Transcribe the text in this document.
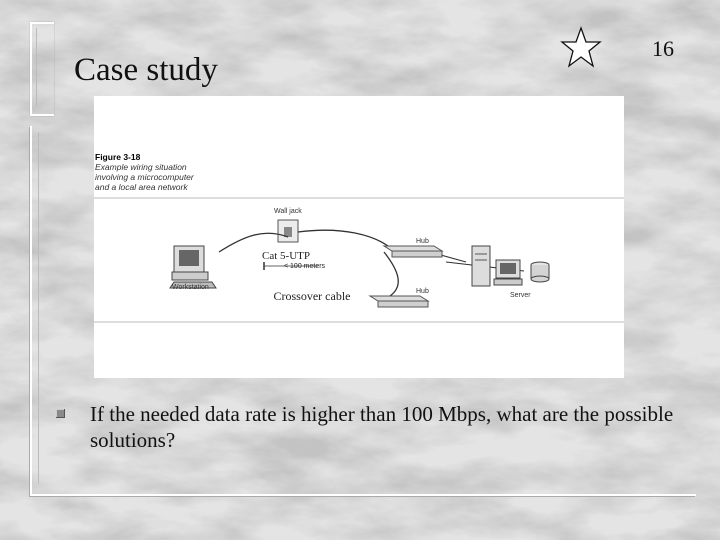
Case study
16
Figure 3-18
Example wiring situation involving a microcomputer and a local area network
Wall jack
Hub
Hub
Workstation
Server
< 100 meters
Cat 5-UTP
Crossover cable
If the needed data rate is higher than 100 Mbps, what are the possible solutions?
